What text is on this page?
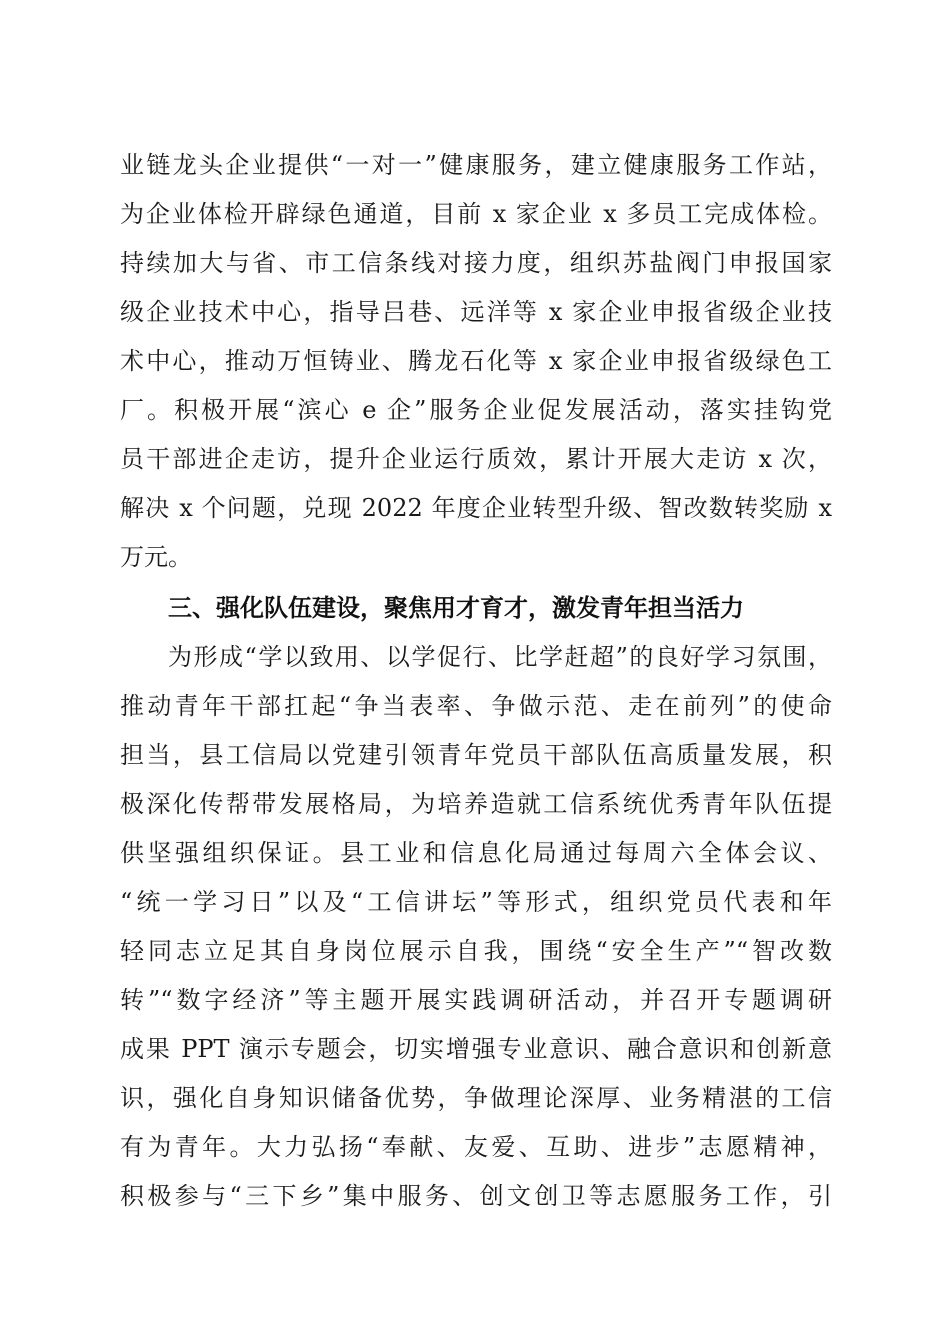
业链龙头企业提供“一对一”健康服务，建立健康服务工作站，
为企业体检开辟绿色通道，目前 x 家企业 x 多员工完成体检。
持续加大与省、市工信条线对接力度，组织苏盐阀门申报国家
级企业技术中心，指导吕巷、远洋等 x 家企业申报省级企业技
术中心，推动万恒铸业、腾龙石化等 x 家企业申报省级绿色工
厂。积极开展“滨心 e 企”服务企业促发展活动，落实挂钩党
员干部进企走访，提升企业运行质效，累计开展大走访 x 次，
解决 x 个问题，兑现 2022 年度企业转型升级、智改数转奖励 x
万元。
三、强化队伍建设，聚焦用才育才，激发青年担当活力
为形成“学以致用、以学促行、比学赶超”的良好学习氛围，
推动青年干部扛起“争当表率、争做示范、走在前列”的使命
担当，县工信局以党建引领青年党员干部队伍高质量发展，积
极深化传帮带发展格局，为培养造就工信系统优秀青年队伍提
供坚强组织保证。县工业和信息化局通过每周六全体会议、
“统一学习日”以及“工信讲坛”等形式，组织党员代表和年
轻同志立足其自身岗位展示自我，围绕“安全生产”“智改数
转”“数字经济”等主题开展实践调研活动，并召开专题调研
成果 PPT 演示专题会，切实增强专业意识、融合意识和创新意
识，强化自身知识储备优势，争做理论深厚、业务精湛的工信
有为青年。大力弘扬“奉献、友爱、互助、进步”志愿精神，
积极参与“三下乡”集中服务、创文创卫等志愿服务工作，引
